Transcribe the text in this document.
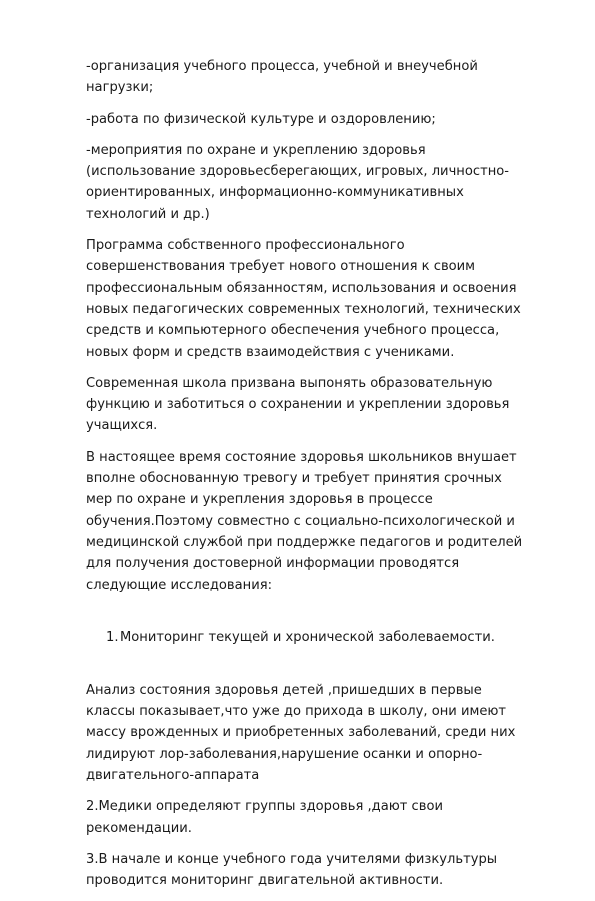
-организация учебного процесса, учебной и внеучебной
нагрузки;

-работа по физической культуре и оздоровлению;

-мероприятия по охране и укреплению здоровья
(использование здоровьесберегающих, игровых, личностно-
ориентированных, информационно-коммуникативных
технологий и др.)

Программа собственного профессионального
совершенствования требует нового отношения к своим
профессиональным обязанностям, использования и освоения
новых педагогических современных технологий, технических
средств и компьютерного обеспечения учебного процесса,
новых форм и средств взаимодействия с учениками.

Современная школа призвана выпонять образовательную
функцию и заботиться о сохранении и укреплении здоровья
учащихся.

В настоящее время состояние здоровья школьников внушает
вполне обоснованную тревогу и требует принятия срочных
мер по охране и укрепления здоровья в процессе
обучения.Поэтому совместно с социально-психологической и
медицинской службой при поддержке педагогов и родителей
для получения достоверной информации проводятся
следующие исследования:

1. Мониторинг текущей и хронической заболеваемости.

Анализ состояния здоровья детей ,пришедших в первые
классы показывает,что уже до прихода в школу, они имеют
массу врожденных и приобретенных заболеваний, среди них
лидируют лор-заболевания,нарушение осанки и опорно-
двигательного-аппарата

2.Медики определяют группы здоровья ,дают свои
рекомендации.

3.В начале и конце учебного года учителями физкультуры
проводится мониторинг двигательной активности.
